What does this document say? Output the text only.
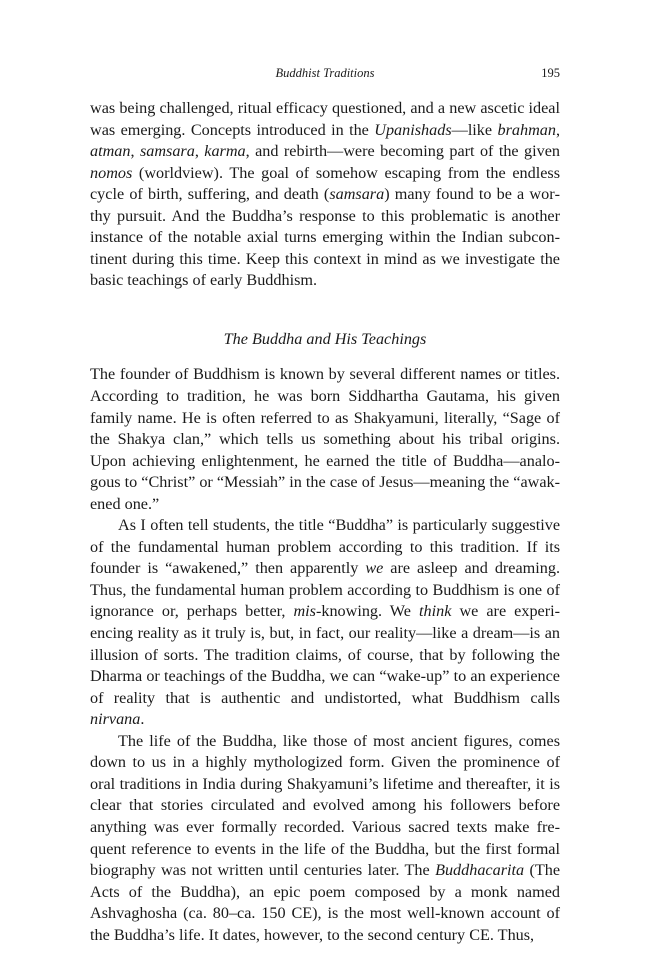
Buddhist Traditions	195

was being challenged, ritual efficacy questioned, and a new ascetic ideal was emerging. Concepts introduced in the Upanishads—like brahman, atman, samsara, karma, and rebirth—were becoming part of the given nomos (worldview). The goal of somehow escaping from the endless cycle of birth, suffering, and death (samsara) many found to be a worthy pursuit. And the Buddha’s response to this problematic is another instance of the notable axial turns emerging within the Indian subcontinent during this time. Keep this context in mind as we investigate the basic teachings of early Buddhism.

The Buddha and His Teachings

The founder of Buddhism is known by several different names or titles. According to tradition, he was born Siddhartha Gautama, his given family name. He is often referred to as Shakyamuni, literally, “Sage of the Shakya clan,” which tells us something about his tribal origins. Upon achieving enlightenment, he earned the title of Buddha—analogous to “Christ” or “Messiah” in the case of Jesus—meaning the “awakened one.”

As I often tell students, the title “Buddha” is particularly suggestive of the fundamental human problem according to this tradition. If its founder is “awakened,” then apparently we are asleep and dreaming. Thus, the fundamental human problem according to Buddhism is one of ignorance or, perhaps better, mis-knowing. We think we are experiencing reality as it truly is, but, in fact, our reality—like a dream—is an illusion of sorts. The tradition claims, of course, that by following the Dharma or teachings of the Buddha, we can “wake-up” to an experience of reality that is authentic and undistorted, what Buddhism calls nirvana.

The life of the Buddha, like those of most ancient figures, comes down to us in a highly mythologized form. Given the prominence of oral traditions in India during Shakyamuni’s lifetime and thereafter, it is clear that stories circulated and evolved among his followers before anything was ever formally recorded. Various sacred texts make frequent reference to events in the life of the Buddha, but the first formal biography was not written until centuries later. The Buddhacarita (The Acts of the Buddha), an epic poem composed by a monk named Ashvaghosha (ca. 80–ca. 150 CE), is the most well-known account of the Buddha’s life. It dates, however, to the second century CE. Thus,
